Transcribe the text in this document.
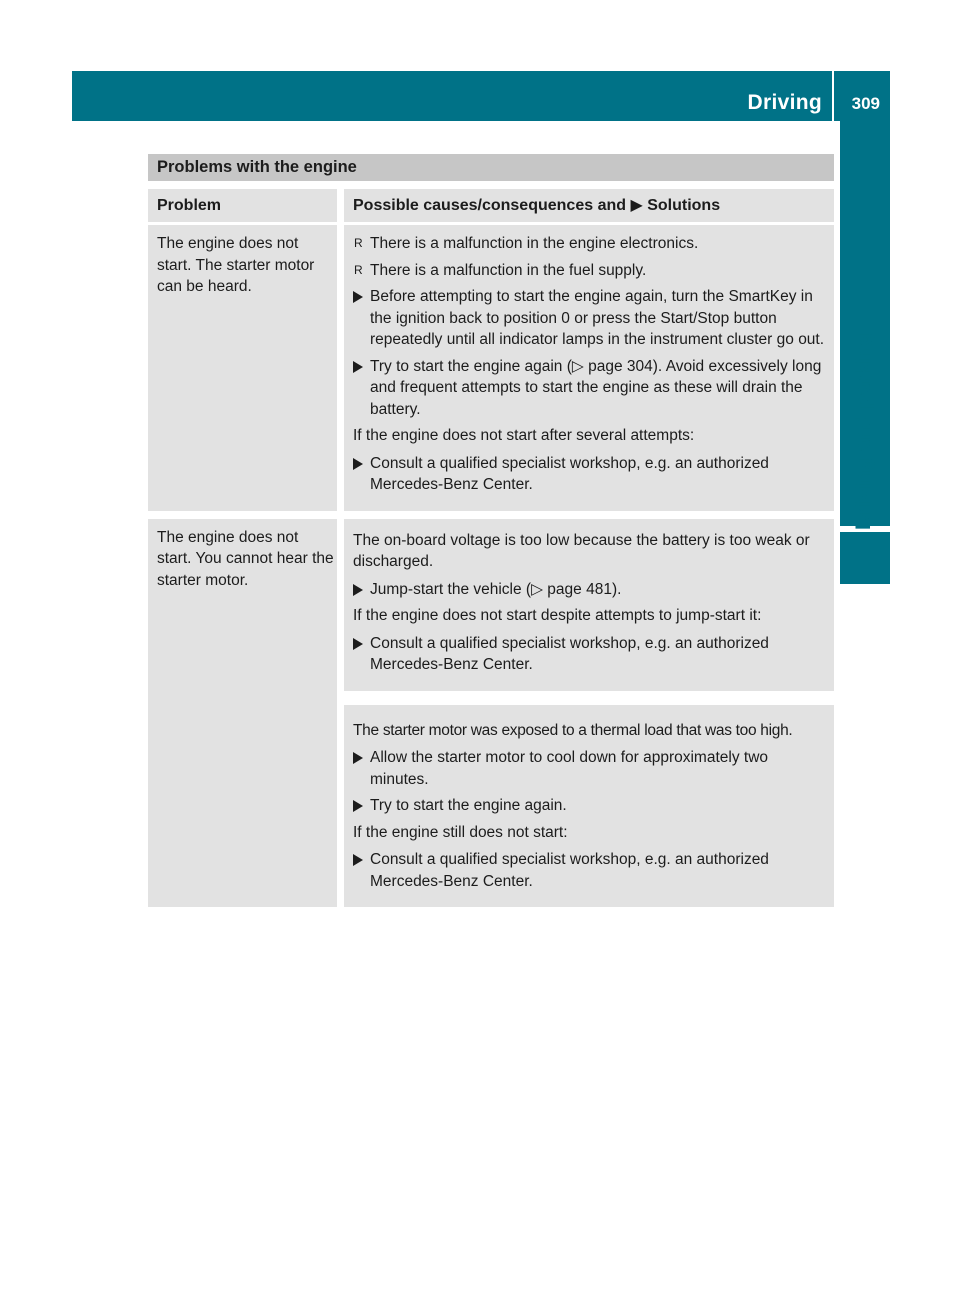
Driving 309
Driving and parking
Problems with the engine
Problem	Possible causes/consequences and ▶ Solutions
The engine does not start. The starter motor can be heard.
R There is a malfunction in the engine electronics.
R There is a malfunction in the fuel supply.
Before attempting to start the engine again, turn the SmartKey in the ignition back to position 0 or press the Start/Stop button repeatedly until all indicator lamps in the instrument cluster go out.
Try to start the engine again (▷ page 304). Avoid excessively long and frequent attempts to start the engine as these will drain the battery.
If the engine does not start after several attempts:
Consult a qualified specialist workshop, e.g. an authorized Mercedes-Benz Center.
The engine does not start. You cannot hear the starter motor.
The on-board voltage is too low because the battery is too weak or discharged.
Jump-start the vehicle (▷ page 481).
If the engine does not start despite attempts to jump-start it:
Consult a qualified specialist workshop, e.g. an authorized Mercedes-Benz Center.
The starter motor was exposed to a thermal load that was too high.
Allow the starter motor to cool down for approximately two minutes.
Try to start the engine again.
If the engine still does not start:
Consult a qualified specialist workshop, e.g. an authorized Mercedes-Benz Center.
